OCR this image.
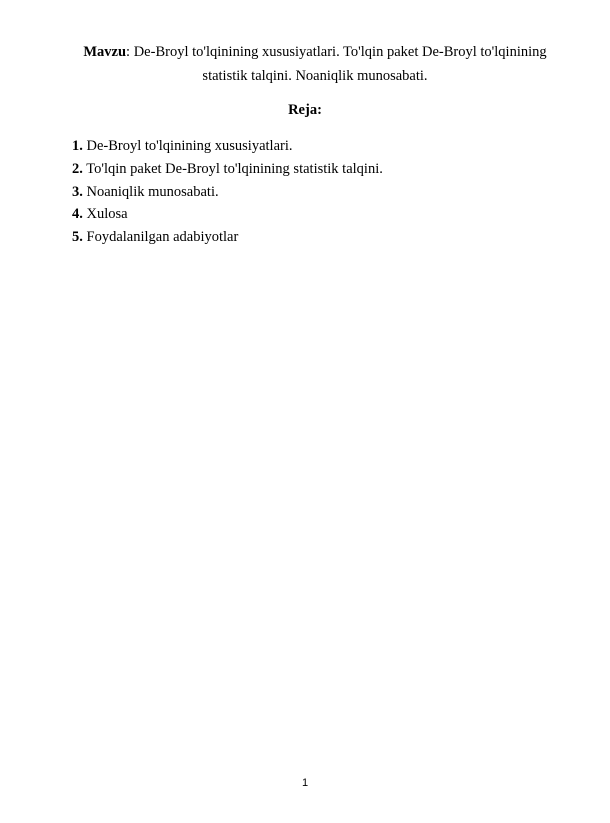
Mavzu: De-Broyl to'lqinining xususiyatlari. To'lqin paket De-Broyl to'lqinining statistik talqini. Noaniqlik munosabati.
Reja:
1. De-Broyl to'lqinining xususiyatlari.
2. To'lqin paket De-Broyl to'lqinining statistik talqini.
3. Noaniqlik munosabati.
4. Xulosa
5. Foydalanilgan adabiyotlar
1
